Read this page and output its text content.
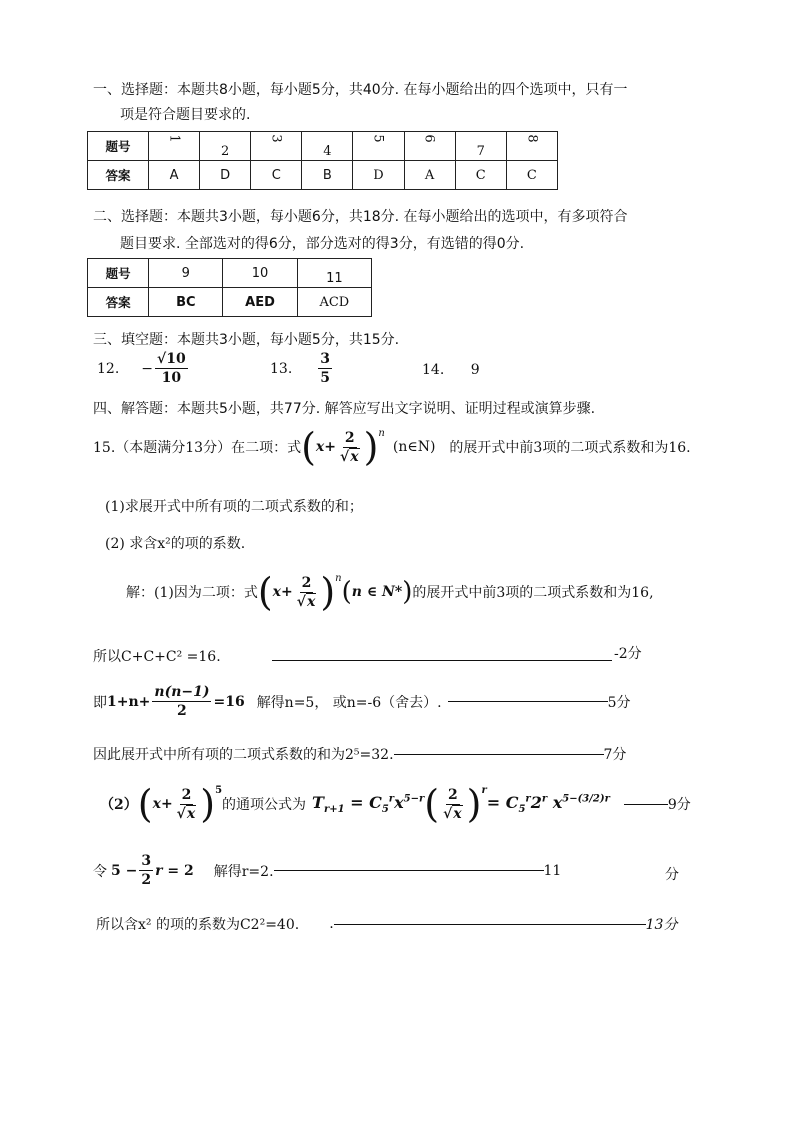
一、选择题：本题共8小题，每小题5分，共40分. 在每小题给出的四个选项中，只有一
项是符合题目要求的.
题号	1	2	3	4	5	6	7	8
答案	A	D	C	B	D	A	C	C
二、选择题：本题共3小题，每小题6分，共18分. 在每小题给出的选项中，有多项符合
题目要求. 全部选对的得6分，部分选对的得3分，有选错的得0分.
题号	9	10	11
答案	BC	AED	ACD
三、填空题：本题共3小题，每小题5分，共15分.
12. − $\frac{√10}{10}$	13. $\frac{3}{5}$	14. 9
四、解答题：本题共5小题，共77分. 解答应写出文字说明、证明过程或演算步骤.
15.（本题满分13分）在二项：式 ( $x + \frac{2}{√x} )^n$
(n∈N) 的展开式中前3项的二项式系数和为16.
(1)求展开式中所有项的二项式系数的和；
(2) 求含x²的项的系数.
解：(1)因为二项：式 ( $x + \frac{2}{√x} )^n$ ( n ∈ N* ) 的展开式中前3项的二项式系数和为16,
所以C+C+C² =16.	-2分
即 $1+n+ \frac{n(n-1)}{2} =16$ 解得n=5， 或n=-6（舍去）.	5分
因此展开式中所有项的二项式系数的和为2⁵=32.	7分
（2） ( $x + \frac{2}{√x} )^5$
的通项公式为 $T_{r+1} = C_5^rx^{5-r}$ ( $\frac{2}{√x} )^r$
= $C_5^r2^r$ $x^{5-(3/2)r}$	9分
令 $5 - \frac{3}{2}$ r = 2 解得r=2.	11	分
所以含x² 的项的系数为C2²=40. .	13分
